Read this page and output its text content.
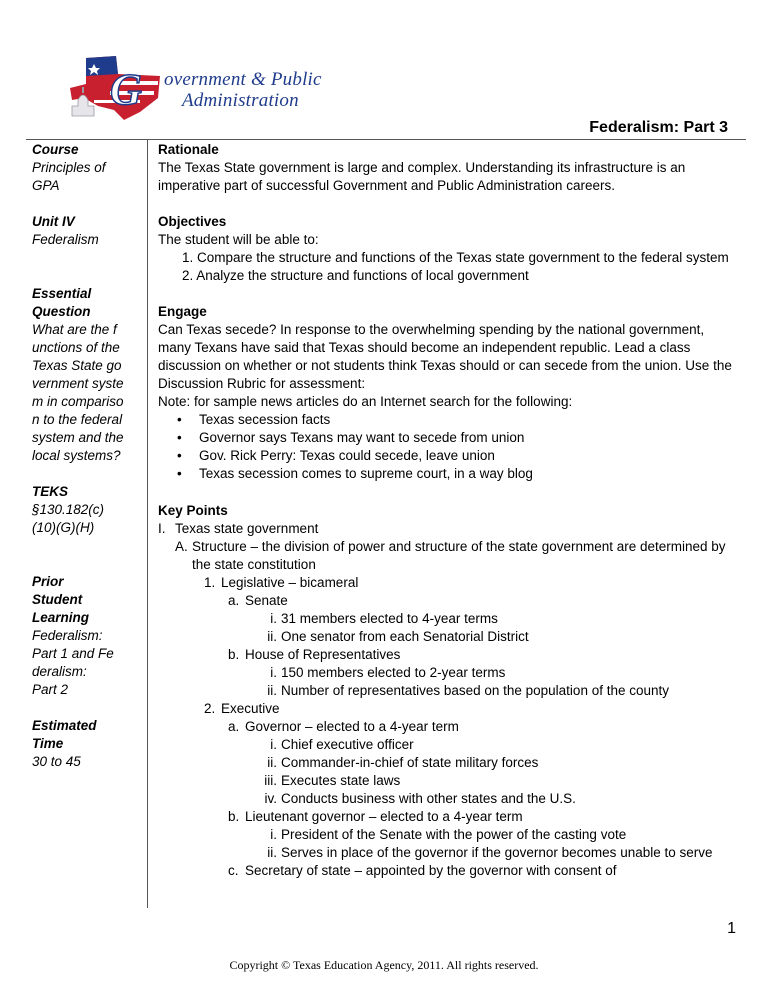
G overnment & Public
Administration
Federalism: Part 3
Course
Principles of GPA
Unit IV
Federalism
Essential Question
What are the functions of the Texas State government system in comparison to the federal system and the local systems?
TEKS
§130.182(c)(10)(G)(H)
Prior Student Learning
Federalism:
Part 1 and Federalism:
Part 2
Estimated Time
30 to 45

Rationale

The Texas State government is large and complex. Understanding its infrastructure is an imperative part of successful Government and Public Administration careers.

Objectives

The student will be able to:

1. Compare the structure and functions of the Texas state government to the federal system
2. Analyze the structure and functions of local government

Engage

Can Texas secede? In response to the overwhelming spending by the national government, many Texans have said that Texas should become an independent republic. Lead a class discussion on whether or not students think Texas should or can secede from the union. Use the Discussion Rubric for assessment:

Note: for sample news articles do an Internet search for the following:

• Texas secession facts
• Governor says Texans may want to secede from union
• Gov. Rick Perry: Texas could secede, leave union
• Texas secession comes to supreme court, in a way blog

Key Points

I. Texas state government
A. Structure – the division of power and structure of the state government are determined by the state constitution
1. Legislative – bicameral
a. Senate
i. 31 members elected to 4-year terms
ii. One senator from each Senatorial District
b. House of Representatives
i. 150 members elected to 2-year terms
ii. Number of representatives based on the population of the county
2. Executive
a. Governor – elected to a 4-year term
i. Chief executive officer
ii. Commander-in-chief of state military forces
iii. Executes state laws
iv. Conducts business with other states and the U.S.
b. Lieutenant governor – elected to a 4-year term
i. President of the Senate with the power of the casting vote
ii. Serves in place of the governor if the governor becomes unable to serve
c. Secretary of state – appointed by the governor with consent of
1
Copyright © Texas Education Agency, 2011. All rights reserved.
